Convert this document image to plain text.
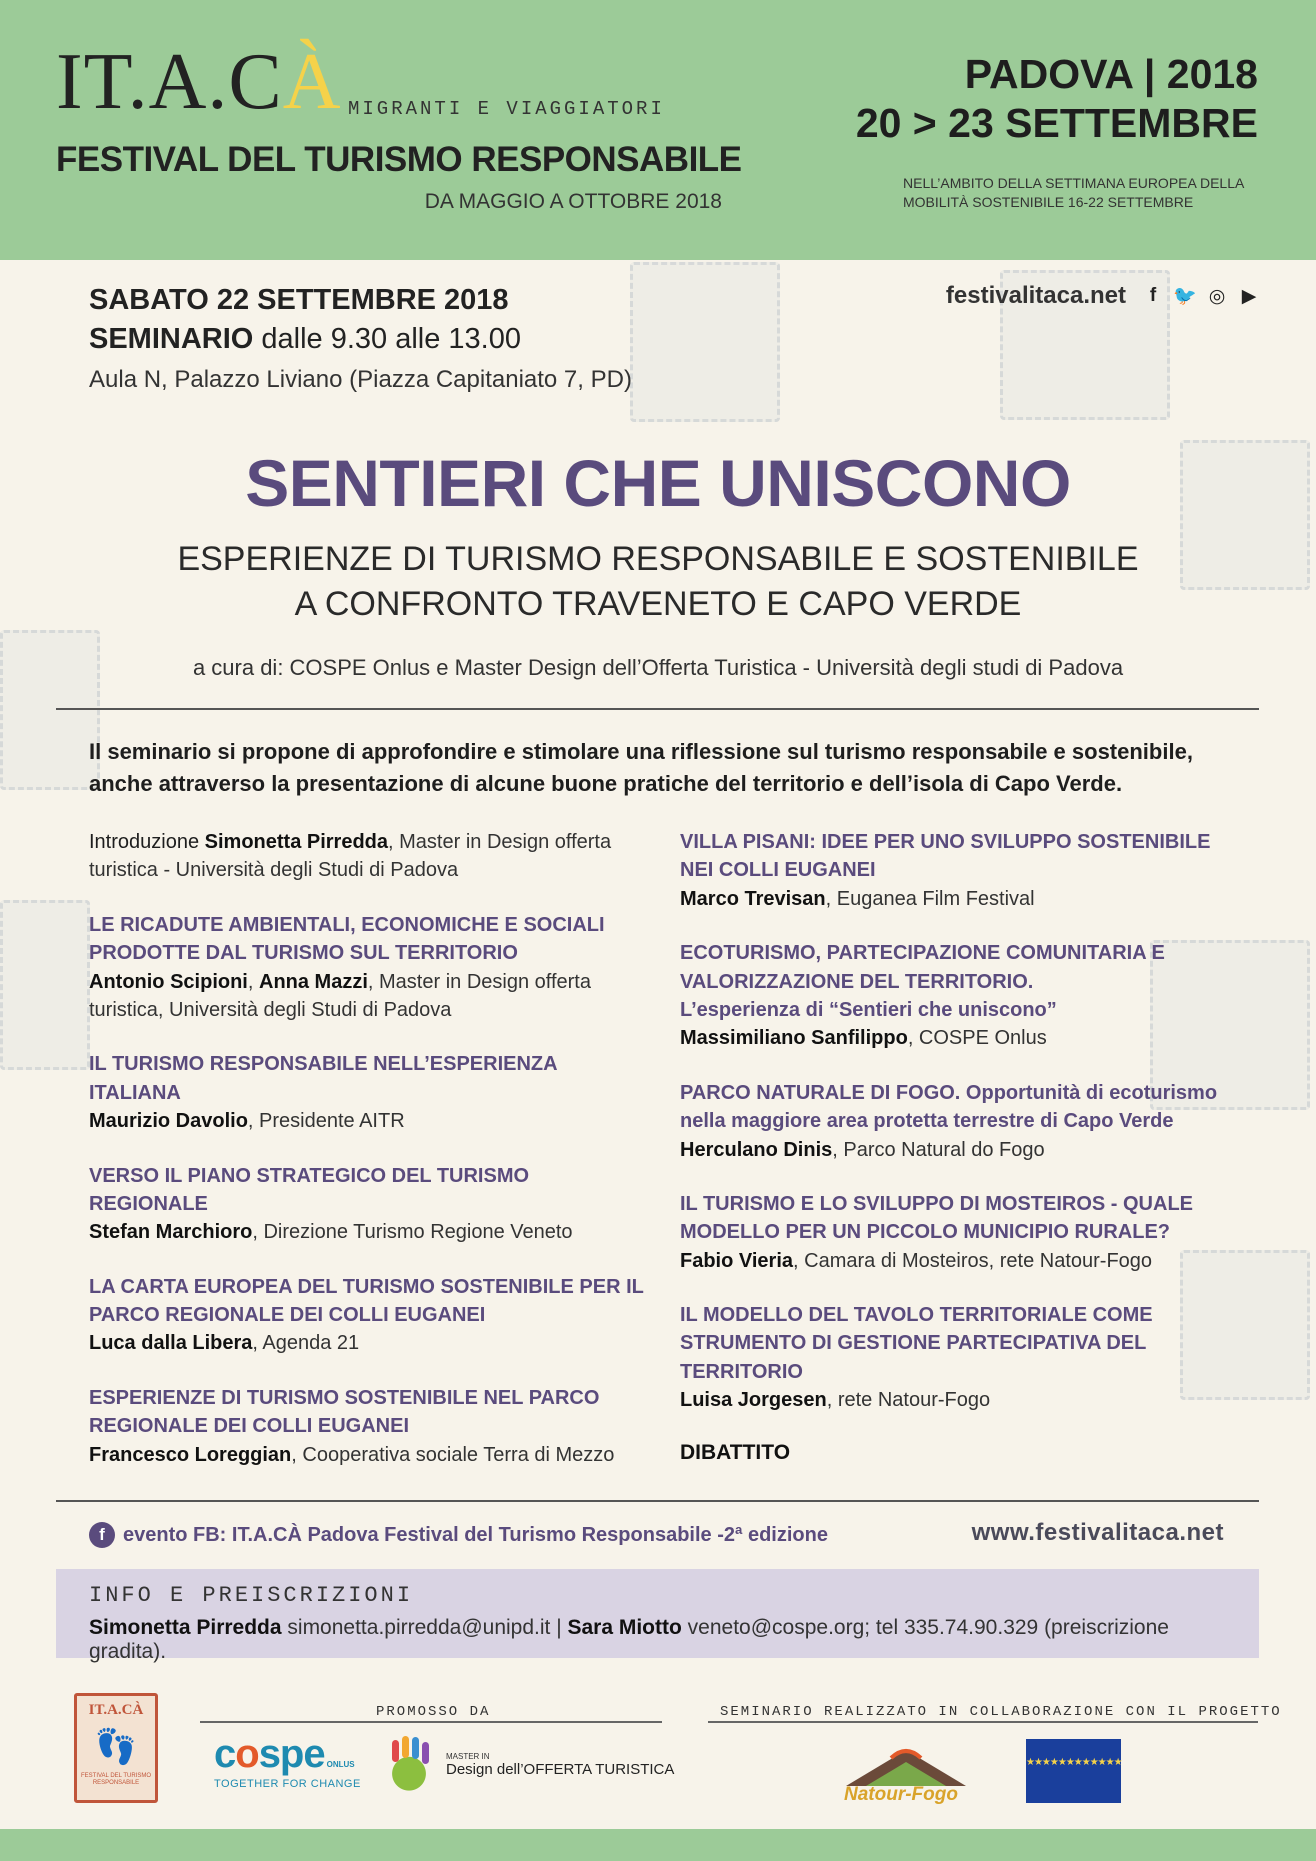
IT.A.CÀ MIGRANTI E VIAGGIATORI
FESTIVAL DEL TURISMO RESPONSABILE
DA MAGGIO A OTTOBRE 2018
PADOVA | 2018
20 > 23 SETTEMBRE
NELL’AMBITO DELLA SETTIMANA EUROPEA DELLA MOBILITÀ SOSTENIBILE 16-22 SETTEMBRE
SABATO 22 SETTEMBRE 2018
SEMINARIO dalle 9.30 alle 13.00
Aula N, Palazzo Liviano (Piazza Capitaniato 7, PD)
festivalitaca.net	f 🐦 ◎ ▶
SENTIERI CHE UNISCONO
ESPERIENZE DI TURISMO RESPONSABILE E SOSTENIBILE
A CONFRONTO TRAVENETO E CAPO VERDE
a cura di: COSPE Onlus e Master Design dell’Offerta Turistica - Università degli studi di Padova

Il seminario si propone di approfondire e stimolare una riflessione sul turismo responsabile e sostenibile, anche attraverso la presentazione di alcune buone pratiche del territorio e dell’isola di Capo Verde.

Introduzione Simonetta Pirredda, Master in Design offerta turistica - Università degli Studi di Padova
LE RICADUTE AMBIENTALI, ECONOMICHE E SOCIALI PRODOTTE DAL TURISMO SUL TERRITORIO
Antonio Scipioni, Anna Mazzi, Master in Design offerta turistica, Università degli Studi di Padova
IL TURISMO RESPONSABILE NELL’ESPERIENZA ITALIANA
Maurizio Davolio, Presidente AITR
VERSO IL PIANO STRATEGICO DEL TURISMO REGIONALE
Stefan Marchioro, Direzione Turismo Regione Veneto
LA CARTA EUROPEA DEL TURISMO SOSTENIBILE PER IL PARCO REGIONALE DEI COLLI EUGANEI
Luca dalla Libera, Agenda 21
ESPERIENZE DI TURISMO SOSTENIBILE NEL PARCO REGIONALE DEI COLLI EUGANEI
Francesco Loreggian, Cooperativa sociale Terra di Mezzo
VILLA PISANI: IDEE PER UNO SVILUPPO SOSTENIBILE NEI COLLI EUGANEI
Marco Trevisan, Euganea Film Festival
ECOTURISMO, PARTECIPAZIONE COMUNITARIA E VALORIZZAZIONE DEL TERRITORIO.
L’esperienza di “Sentieri che uniscono”
Massimiliano Sanfilippo, COSPE Onlus
PARCO NATURALE DI FOGO. Opportunità di ecoturismo nella maggiore area protetta terrestre di Capo Verde
Herculano Dinis, Parco Natural do Fogo
IL TURISMO E LO SVILUPPO DI MOSTEIROS - QUALE MODELLO PER UN PICCOLO MUNICIPIO RURALE?
Fabio Vieria, Camara di Mosteiros, rete Natour-Fogo
IL MODELLO DEL TAVOLO TERRITORIALE COME STRUMENTO DI GESTIONE PARTECIPATIVA DEL TERRITORIO
Luisa Jorgesen, rete Natour-Fogo
DIBATTITO
f evento FB: IT.A.CÀ Padova Festival del Turismo Responsabile -2ª edizione	www.festivalitaca.net
INFO E PREISCRIZIONI
Simonetta Pirredda simonetta.pirredda@unipd.it | Sara Miotto veneto@cospe.org; tel 335.74.90.329 (preiscrizione gradita).
IT.A.CÀ
👣
FESTIVAL DEL TURISMO RESPONSABILE
PROMOSSO DA	SEMINARIO REALIZZATO IN COLLABORAZIONE CON IL PROGETTO
cospe ONLUS
TOGETHER FOR CHANGE
MASTER IN
Design dell’OFFERTA TURISTICA
Natour-Fogo
★★★★★★★★★★★★
